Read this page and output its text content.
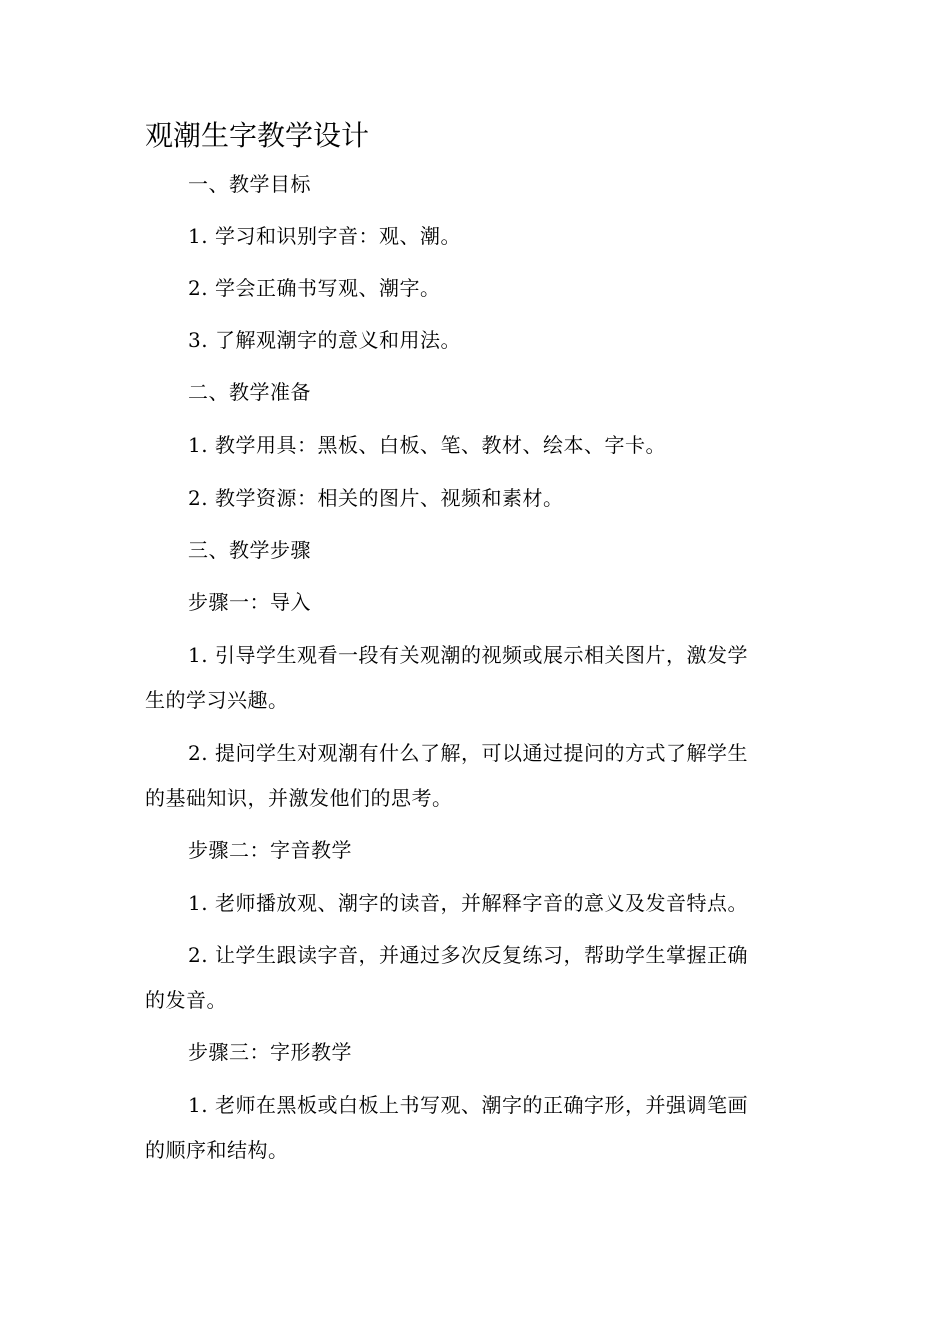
观潮生字教学设计
一、教学目标
1. 学习和识别字音：观、潮。
2. 学会正确书写观、潮字。
3. 了解观潮字的意义和用法。
二、教学准备
1. 教学用具：黑板、白板、笔、教材、绘本、字卡。
2. 教学资源：相关的图片、视频和素材。
三、教学步骤
步骤一：导入
1. 引导学生观看一段有关观潮的视频或展示相关图片，激发学
生的学习兴趣。
2. 提问学生对观潮有什么了解，可以通过提问的方式了解学生
的基础知识，并激发他们的思考。
步骤二：字音教学
1. 老师播放观、潮字的读音，并解释字音的意义及发音特点。
2. 让学生跟读字音，并通过多次反复练习，帮助学生掌握正确
的发音。
步骤三：字形教学
1. 老师在黑板或白板上书写观、潮字的正确字形，并强调笔画
的顺序和结构。
